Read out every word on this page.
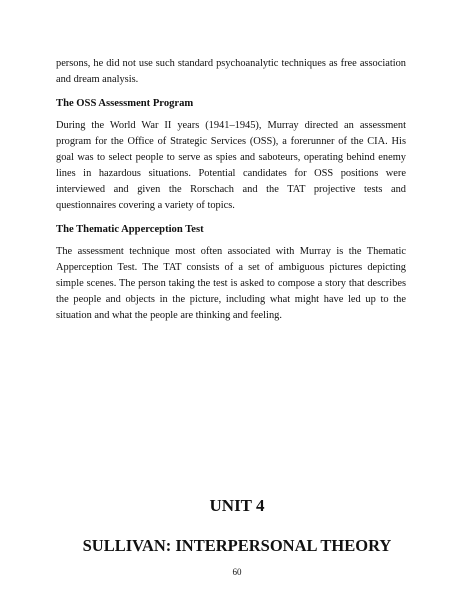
persons, he did not use such standard psychoanalytic techniques as free association and dream analysis.

The OSS Assessment Program

During the World War II years (1941–1945), Murray directed an assessment program for the Office of Strategic Services (OSS), a forerunner of the CIA. His goal was to select people to serve as spies and saboteurs, operating behind enemy lines in hazardous situations. Potential candidates for OSS positions were interviewed and given the Rorschach and the TAT projective tests and questionnaires covering a variety of topics.

The Thematic Apperception Test

The assessment technique most often associated with Murray is the Thematic Apperception Test. The TAT consists of a set of ambiguous pictures depicting simple scenes. The person taking the test is asked to compose a story that describes the people and objects in the picture, including what might have led up to the situation and what the people are thinking and feeling.

UNIT 4
SULLIVAN: INTERPERSONAL THEORY
60
